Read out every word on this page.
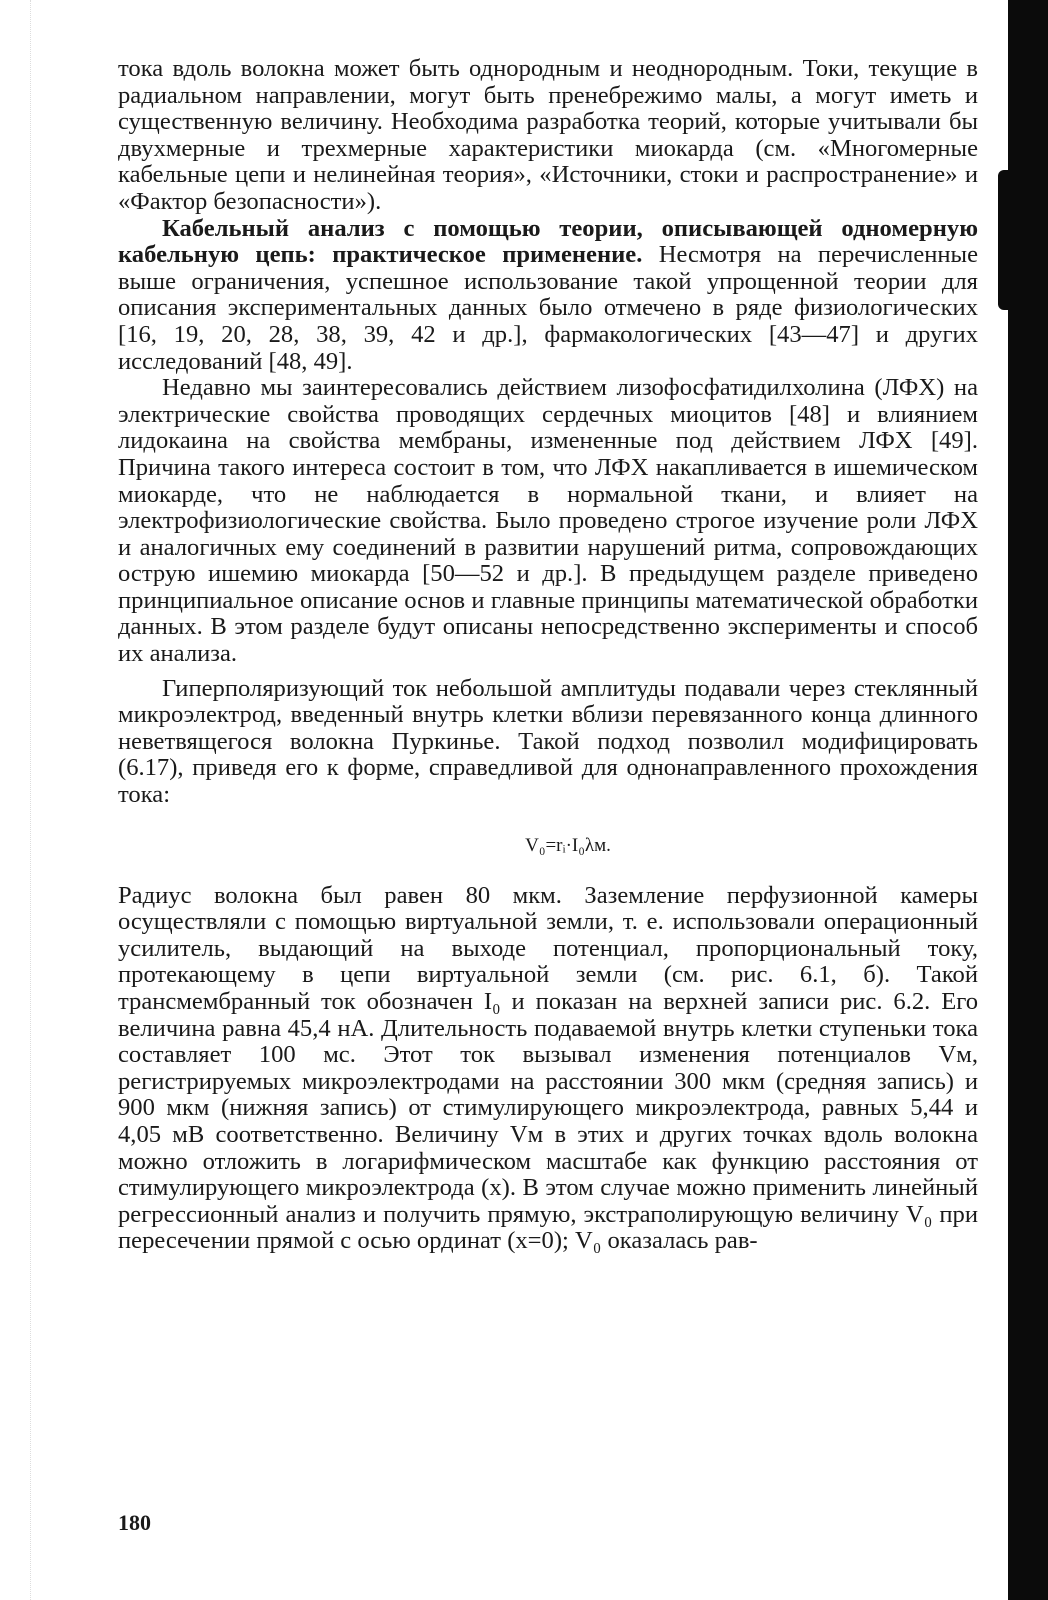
тока вдоль волокна может быть однородным и неоднородным. Токи, текущие в радиальном направлении, могут быть пренебрежимо малы, а могут иметь и существенную величину. Необходима разработка теорий, которые учитывали бы двухмерные и трехмерные характеристики миокарда (см. «Многомерные кабельные цепи и нелинейная теория», «Источники, стоки и распространение» и «Фактор безопасности»).

Кабельный анализ с помощью теории, описывающей одномерную кабельную цепь: практическое применение. Несмотря на перечисленные выше ограничения, успешное использование такой упрощенной теории для описания экспериментальных данных было отмечено в ряде физиологических [16, 19, 20, 28, 38, 39, 42 и др.], фармакологических [43—47] и других исследований [48, 49].

Недавно мы заинтересовались действием лизофосфатидилхолина (ЛФХ) на электрические свойства проводящих сердечных миоцитов [48] и влиянием лидокаина на свойства мембраны, измененные под действием ЛФХ [49]. Причина такого интереса состоит в том, что ЛФХ накапливается в ишемическом миокарде, что не наблюдается в нормальной ткани, и влияет на электрофизиологические свойства. Было проведено строгое изучение роли ЛФХ и аналогичных ему соединений в развитии нарушений ритма, сопровождающих острую ишемию миокарда [50—52 и др.]. В предыдущем разделе приведено принципиальное описание основ и главные принципы математической обработки данных. В этом разделе будут описаны непосредственно эксперименты и способ их анализа.

Гиперполяризующий ток небольшой амплитуды подавали через стеклянный микроэлектрод, введенный внутрь клетки вблизи перевязанного конца длинного неветвящегося волокна Пуркинье. Такой подход позволил модифицировать (6.17), приведя его к форме, справедливой для однонаправленного прохождения тока:

V₀=rᵢ·I₀λм.

Радиус волокна был равен 80 мкм. Заземление перфузионной камеры осуществляли с помощью виртуальной земли, т. е. использовали операционный усилитель, выдающий на выходе потенциал, пропорциональный току, протекающему в цепи виртуальной земли (см. рис. 6.1, б). Такой трансмембранный ток обозначен I₀ и показан на верхней записи рис. 6.2. Его величина равна 45,4 нА. Длительность подаваемой внутрь клетки ступеньки тока составляет 100 мс. Этот ток вызывал изменения потенциалов Vм, регистрируемых микроэлектродами на расстоянии 300 мкм (средняя запись) и 900 мкм (нижняя запись) от стимулирующего микроэлектрода, равных 5,44 и 4,05 мВ соответственно. Величину Vм в этих и других точках вдоль волокна можно отложить в логарифмическом масштабе как функцию расстояния от стимулирующего микроэлектрода (x). В этом случае можно применить линейный регрессионный анализ и получить прямую, экстраполирующую величину V₀ при пересечении прямой с осью ординат (x=0); V₀ оказалась рав-

180
